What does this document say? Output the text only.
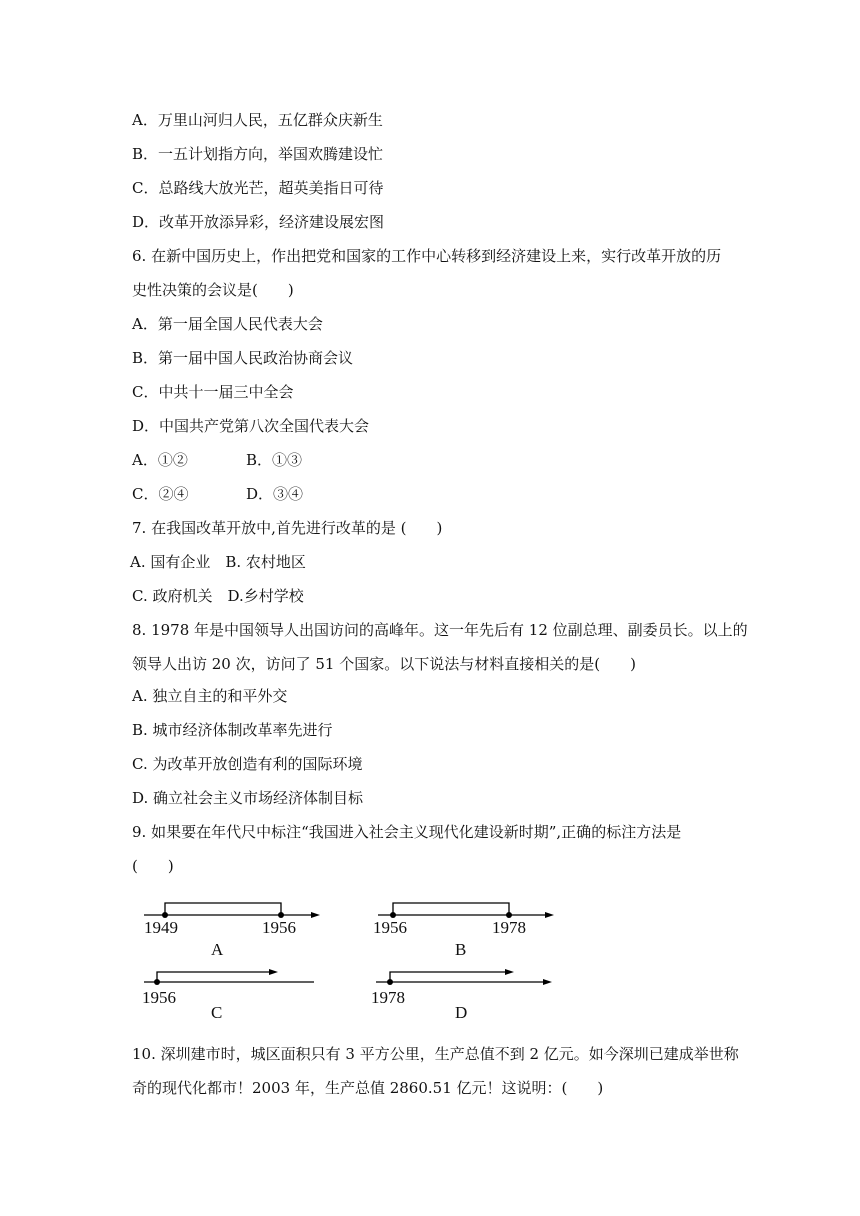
A．万里山河归人民，五亿群众庆新生
B．一五计划指方向，举国欢腾建设忙
C．总路线大放光芒，超英美指日可待
D．改革开放添异彩，经济建设展宏图
6. 在新中国历史上，作出把党和国家的工作中心转移到经济建设上来，实行改革开放的历
史性决策的会议是(　　)
A．第一届全国人民代表大会
B．第一届中国人民政治协商会议
C．中共十一届三中全会
D．中国共产党第八次全国代表大会
A．①②	B．①③
C．②④	D．③④
7. 在我国改革开放中,首先进行改革的是 (　　)
A. 国有企业　B. 农村地区
C. 政府机关　D.乡村学校
8. 1978 年是中国领导人出国访问的高峰年。这一年先后有 12 位副总理、副委员长。以上的
领导人出访 20 次，访问了 51 个国家。以下说法与材料直接相关的是(　　)
A. 独立自主的和平外交
B. 城市经济体制改革率先进行
C. 为改革开放创造有利的国际环境
D. 确立社会主义市场经济体制目标
9. 如果要在年代尺中标注“我国进入社会主义现代化建设新时期”,正确的标注方法是
(　　)
1949	1956
A
1956	1978
B
1956
C
1978
D
10. 深圳建市时，城区面积只有 3 平方公里，生产总值不到 2 亿元。如今深圳已建成举世称
奇的现代化都市！2003 年，生产总值 2860.51 亿元！这说明：(　　)
